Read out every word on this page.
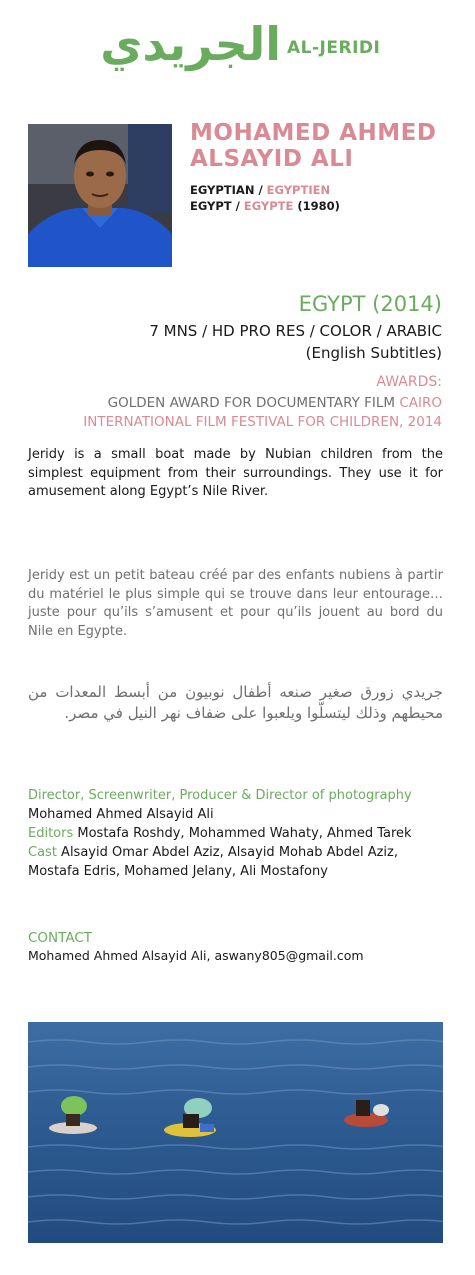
الجريدي AL-JERIDI
MOHAMED AHMED
ALSAYID ALI
EGYPTIAN / EGYPTIEN
EGYPT / EGYPTE (1980)
EGYPT (2014)
7 MNS / HD PRO RES / COLOR / ARABIC
(English Subtitles)
AWARDS:
GOLDEN AWARD FOR DOCUMENTARY FILM CAIRO INTERNATIONAL FILM FESTIVAL FOR CHILDREN, 2014
Jeridy is a small boat made by Nubian children from the simplest equipment from their surroundings. They use it for amusement along Egypt’s Nile River.
Jeridy est un petit bateau créé par des enfants nubiens à partir du matériel le plus simple qui se trouve dans leur entourage… juste pour qu’ils s’amusent et pour qu’ils jouent au bord du Nile en Egypte.
جريدي زورق صغير صنعه أطفال نوبيون من أبسط المعدات من محيطهم وذلك ليتسلّوا ويلعبوا على ضفاف نهر النيل في مصر.
Director, Screenwriter, Producer & Director of photography Mohamed Ahmed Alsayid Ali
Editors Mostafa Roshdy, Mohammed Wahaty, Ahmed Tarek Cast Alsayid Omar Abdel Aziz, Alsayid Mohab Abdel Aziz, Mostafa Edris, Mohamed Jelany, Ali Mostafony
CONTACT
Mohamed Ahmed Alsayid Ali, aswany805@gmail.com
